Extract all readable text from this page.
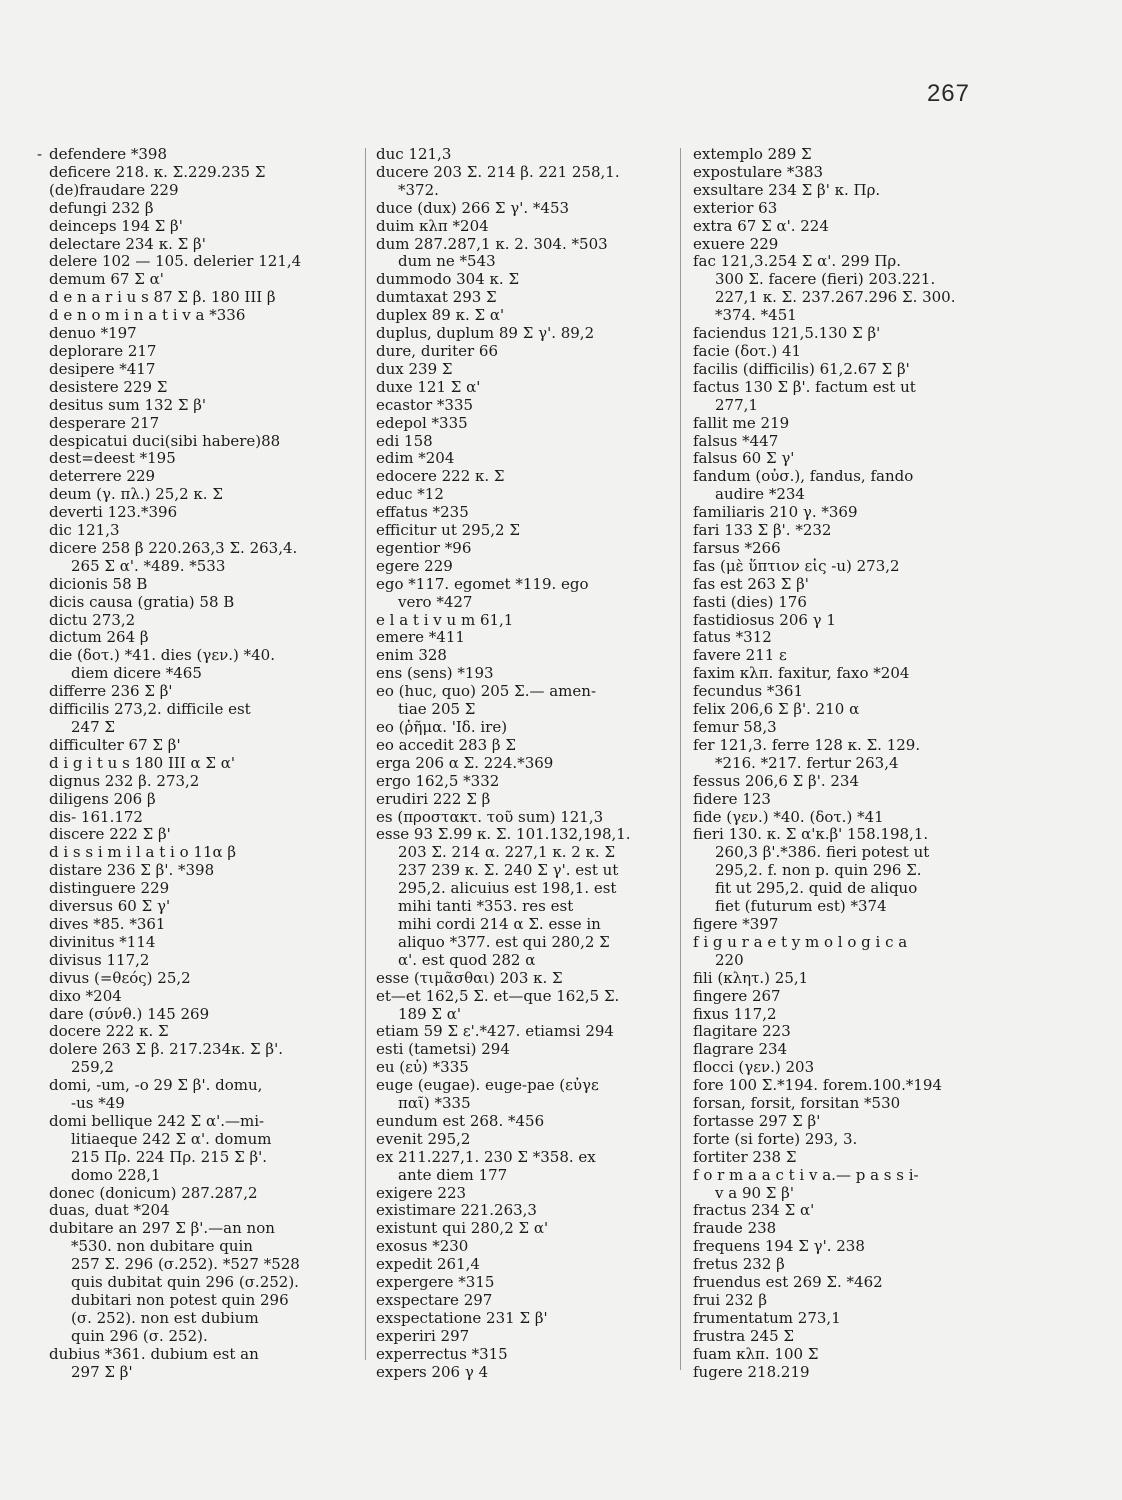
267
- defendere *398
deficere 218. κ. Σ.229.235 Σ
(de)fraudare 229
defungi 232 β
deinceps 194 Σ β'
delectare 234 κ. Σ β'
delere 102 — 105. delerier 121,4
demum 67 Σ α'
d e n a r i u s 87 Σ β. 180 III β
d e n o m i n a t i v a *336
denuo *197
deplorare 217
desipere *417
desistere 229 Σ
desitus sum 132 Σ β'
desperare 217
despicatui duci(sibi habere)88
dest=deest *195
deterrere 229
deum (γ. πλ.) 25,2 κ. Σ
deverti 123.*396
dic 121,3
dicere 258 β 220.263,3 Σ. 263,4.
265 Σ α'. *489. *533
dicionis 58 B
dicis causa (gratia) 58 B
dictu 273,2
dictum 264 β
die (δοτ.) *41. dies (γεν.) *40.
diem dicere *465
differre 236 Σ β'
difficilis 273,2. difficile est
247 Σ
difficulter 67 Σ β'
d i g i t u s 180 III α Σ α'
dignus 232 β. 273,2
diligens 206 β
dis- 161.172
discere 222 Σ β'
d i s s i m i l a t i o 11α β
distare 236 Σ β'. *398
distinguere 229
diversus 60 Σ γ'
dives *85. *361
divinitus *114
divisus 117,2
divus (=θεός) 25,2
dixo *204
dare (σύνθ.) 145 269
docere 222 κ. Σ
dolere 263 Σ β. 217.234κ. Σ β'.
259,2
domi, -um, -o 29 Σ β'. domu,
-us *49
domi bellique 242 Σ α'.—mi-
litiaeque 242 Σ α'. domum
215 Πρ. 224 Πρ. 215 Σ β'.
domo 228,1
donec (donicum) 287.287,2
duas, duat *204
dubitare an 297 Σ β'.—an non
*530. non dubitare quin
257 Σ. 296 (σ.252). *527 *528
quis dubitat quin 296 (σ.252).
dubitari non potest quin 296
(σ. 252). non est dubium
quin 296 (σ. 252).
dubius *361. dubium est an
297 Σ β'
duc 121,3
ducere 203 Σ. 214 β. 221 258,1.
*372.
duce (dux) 266 Σ γ'. *453
duim κλπ *204
dum 287.287,1 κ. 2. 304. *503
dum ne *543
dummodo 304 κ. Σ
dumtaxat 293 Σ
duplex 89 κ. Σ α'
duplus, duplum 89 Σ γ'. 89,2
dure, duriter 66
dux 239 Σ
duxe 121 Σ α'
ecastor *335
edepol *335
edi 158
edim *204
edocere 222 κ. Σ
educ *12
effatus *235
efficitur ut 295,2 Σ
egentior *96
egere 229
ego *117. egomet *119. ego
vero *427
e l a t i v u m 61,1
emere *411
enim 328
ens (sens) *193
eo (huc, quo) 205 Σ.— amen-
tiae 205 Σ
eo (ῥῆμα. 'Ιδ. ire)
eo accedit 283 β Σ
erga 206 α Σ. 224.*369
ergo 162,5 *332
erudiri 222 Σ β
es (προστακτ. τοῦ sum) 121,3
esse 93 Σ.99 κ. Σ. 101.132,198,1.
203 Σ. 214 α. 227,1 κ. 2 κ. Σ
237 239 κ. Σ. 240 Σ γ'. est ut
295,2. alicuius est 198,1. est
mihi tanti *353. res est
mihi cordi 214 α Σ. esse in
aliquo *377. est qui 280,2 Σ
α'. est quod 282 α
esse (τιμᾶσθαι) 203 κ. Σ
et—et 162,5 Σ. et—que 162,5 Σ.
189 Σ α'
etiam 59 Σ ε'.*427. etiamsi 294
esti (tametsi) 294
eu (εὖ) *335
euge (eugae). euge-pae (εὖγε
παῖ) *335
eundum est 268. *456
evenit 295,2
ex 211.227,1. 230 Σ *358. ex
ante diem 177
exigere 223
existimare 221.263,3
existunt qui 280,2 Σ α'
exosus *230
expedit 261,4
expergere *315
exspectare 297
exspectatione 231 Σ β'
experiri 297
experrectus *315
expers 206 γ 4
extemplo 289 Σ
expostulare *383
exsultare 234 Σ β' κ. Πρ.
exterior 63
extra 67 Σ α'. 224
exuere 229
fac 121,3.254 Σ α'. 299 Πρ.
300 Σ. facere (fieri) 203.221.
227,1 κ. Σ. 237.267.296 Σ. 300.
*374. *451
faciendus 121,5.130 Σ β'
facie (δοτ.) 41
facilis (difficilis) 61,2.67 Σ β'
factus 130 Σ β'. factum est ut
277,1
fallit me 219
falsus *447
falsus 60 Σ γ'
fandum (οὐσ.), fandus, fando
audire *234
familiaris 210 γ. *369
fari 133 Σ β'. *232
farsus *266
fas (μὲ ὕπτιον εἰς -u) 273,2
fas est 263 Σ β'
fasti (dies) 176
fastidiosus 206 γ 1
fatus *312
favere 211 ε
faxim κλπ. faxitur, faxo *204
fecundus *361
felix 206,6 Σ β'. 210 α
femur 58,3
fer 121,3. ferre 128 κ. Σ. 129.
*216. *217. fertur 263,4
fessus 206,6 Σ β'. 234
fidere 123
fide (γεν.) *40. (δοτ.) *41
fieri 130. κ. Σ α'κ.β' 158.198,1.
260,3 β'.*386. fieri potest ut
295,2. f. non p. quin 296 Σ.
fit ut 295,2. quid de aliquo
fiet (futurum est) *374
figere *397
f i g u r a e t y m o l o g i c a
220
fili (κλητ.) 25,1
fingere 267
fixus 117,2
flagitare 223
flagrare 234
flocci (γεν.) 203
fore 100 Σ.*194. forem.100.*194
forsan, forsit, forsitan *530
fortasse 297 Σ β'
forte (si forte) 293, 3.
fortiter 238 Σ
f o r m a a c t i v a.— p a s s i-
v a 90 Σ β'
fractus 234 Σ α'
fraude 238
frequens 194 Σ γ'. 238
fretus 232 β
fruendus est 269 Σ. *462
frui 232 β
frumentatum 273,1
frustra 245 Σ
fuam κλπ. 100 Σ
fugere 218.219
